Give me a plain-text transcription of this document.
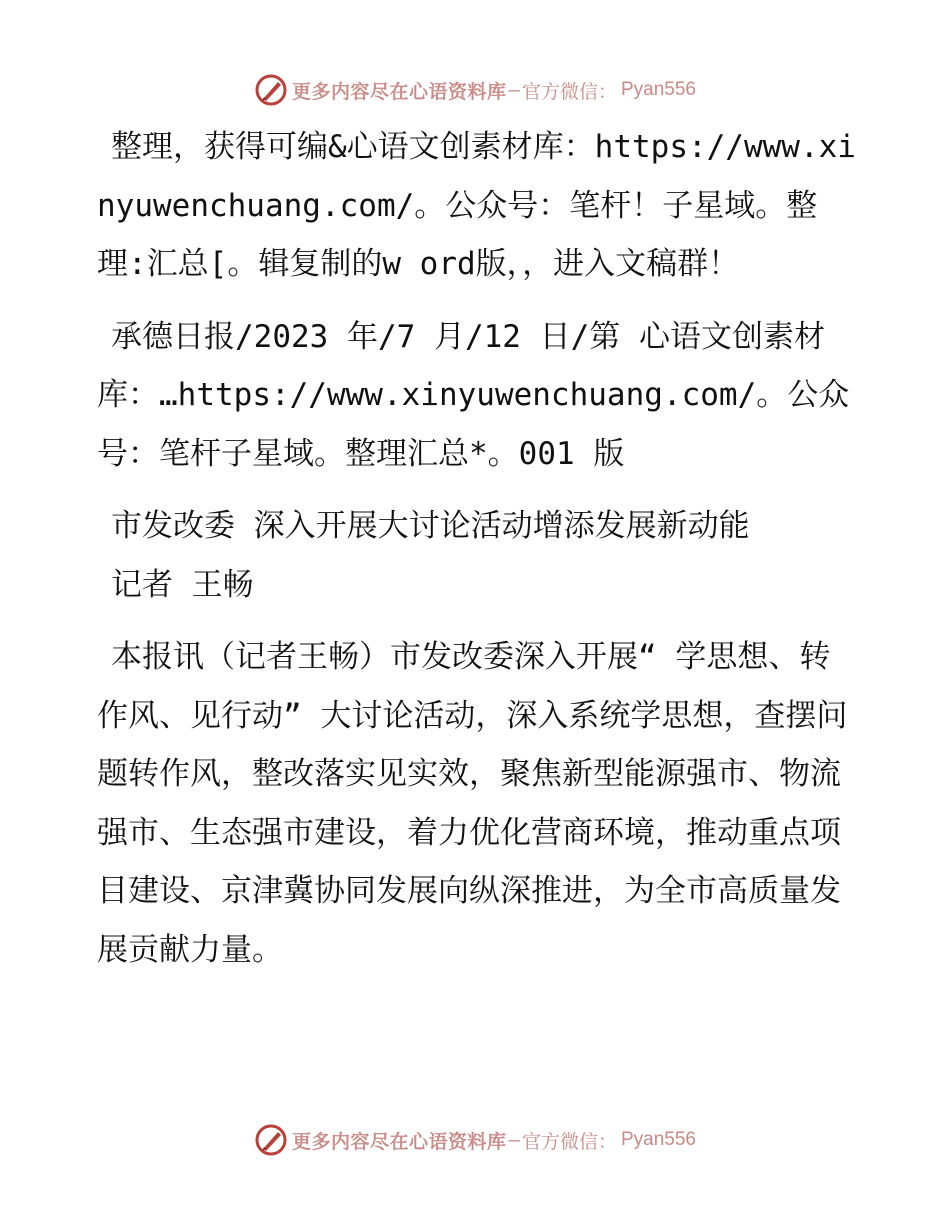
更多内容尽在心语资料库 — 官方微信： Pyan556

整理，获得可编&心语文创素材库：https://www.xinyuwenchuang.com/。公众号：笔杆！子星域。整理:汇总[。辑复制的w ord版，，进入文稿群！

承德日报/2023 年/7 月/12 日/第 心语文创素材库：…https://www.xinyuwenchuang.com/。公众号：笔杆子星域。整理汇总*。001 版

市发改委 深入开展大讨论活动增添发展新动能

记者 王畅

本报讯（记者王畅）市发改委深入开展“ 学思想、转作风、见行动” 大讨论活动，深入系统学思想，查摆问题转作风，整改落实见实效，聚焦新型能源强市、物流强市、生态强市建设，着力优化营商环境，推动重点项目建设、京津冀协同发展向纵深推进，为全市高质量发展贡献力量。

更多内容尽在心语资料库 — 官方微信： Pyan556
